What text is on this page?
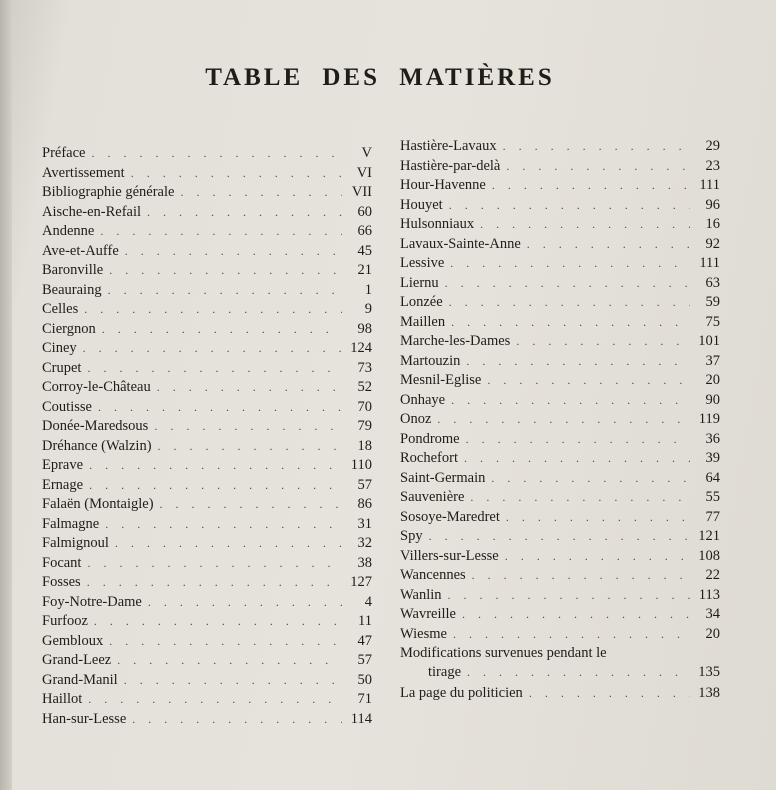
TABLE DES MATIÈRES
Préface . . .	V
Avertissement . . .	VI
Bibliographie générale . . .	VII
Aische-en-Refail . . .	60
Andenne . . .	66
Ave-et-Auffe . . .	45
Baronville . . .	21
Beauraing . . .	1
Celles . . .	9
Ciergnon . . .	98
Ciney . . .	124
Crupet . . .	73
Corroy-le-Château . . .	52
Coutisse . . .	70
Donée-Maredsous . . .	79
Dréhance (Walzin) . . .	18
Eprave . . .	110
Ernage . . .	57
Falaën (Montaigle) . . .	86
Falmagne . . .	31
Falmignoul . . .	32
Focant . . .	38
Fosses . . .	127
Foy-Notre-Dame . . .	4
Furfooz . . .	11
Gembloux . . .	47
Grand-Leez . . .	57
Grand-Manil . . .	50
Haillot . . .	71
Han-sur-Lesse . . .	114
Hastière-Lavaux . . .	29
Hastière-par-delà . . .	23
Hour-Havenne . . .	111
Houyet . . .	96
Hulsonniaux . . .	16
Lavaux-Sainte-Anne . . .	92
Lessive . . .	111
Liernu . . .	63
Lonzée . . .	59
Maillen . . .	75
Marche-les-Dames . . .	101
Martouzin . . .	37
Mesnil-Eglise . . .	20
Onhaye . . .	90
Onoz . . .	119
Pondrome . . .	36
Rochefort . . .	39
Saint-Germain . . .	64
Sauvenière . . .	55
Sosoye-Maredret . . .	77
Spy . . .	121
Villers-sur-Lesse . . .	108
Wancennes . . .	22
Wanlin . . .	113
Wavreille . . .	34
Wiesme . . .	20
Modifications survenues pendant le
tirage . . .	135
La page du politicien . . .	138
